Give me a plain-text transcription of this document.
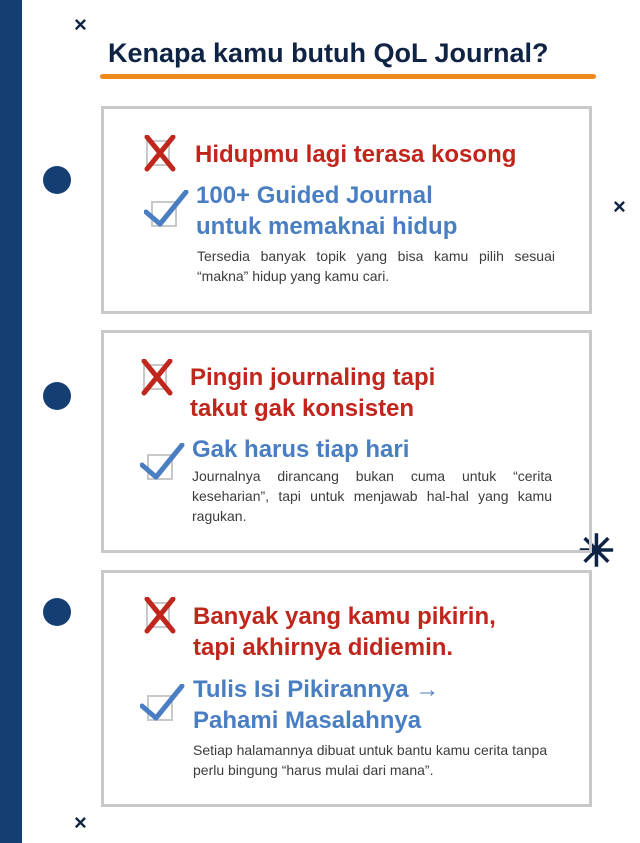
×
×
×
✳
Kenapa kamu butuh QoL Journal?
Hidupmu lagi terasa kosong
100+ Guided Journal
untuk memaknai hidup
Tersedia banyak topik yang bisa kamu pilih sesuai “makna” hidup yang kamu cari.
Pingin journaling tapi
takut gak konsisten
Gak harus tiap hari
Journalnya dirancang bukan cuma untuk “cerita keseharian”, tapi untuk menjawab hal-hal yang kamu ragukan.
Banyak yang kamu pikirin,
tapi akhirnya didiemin.
Tulis Isi Pikirannya →
Pahami Masalahnya
Setiap halamannya dibuat untuk bantu kamu cerita tanpa perlu bingung “harus mulai dari mana”.
